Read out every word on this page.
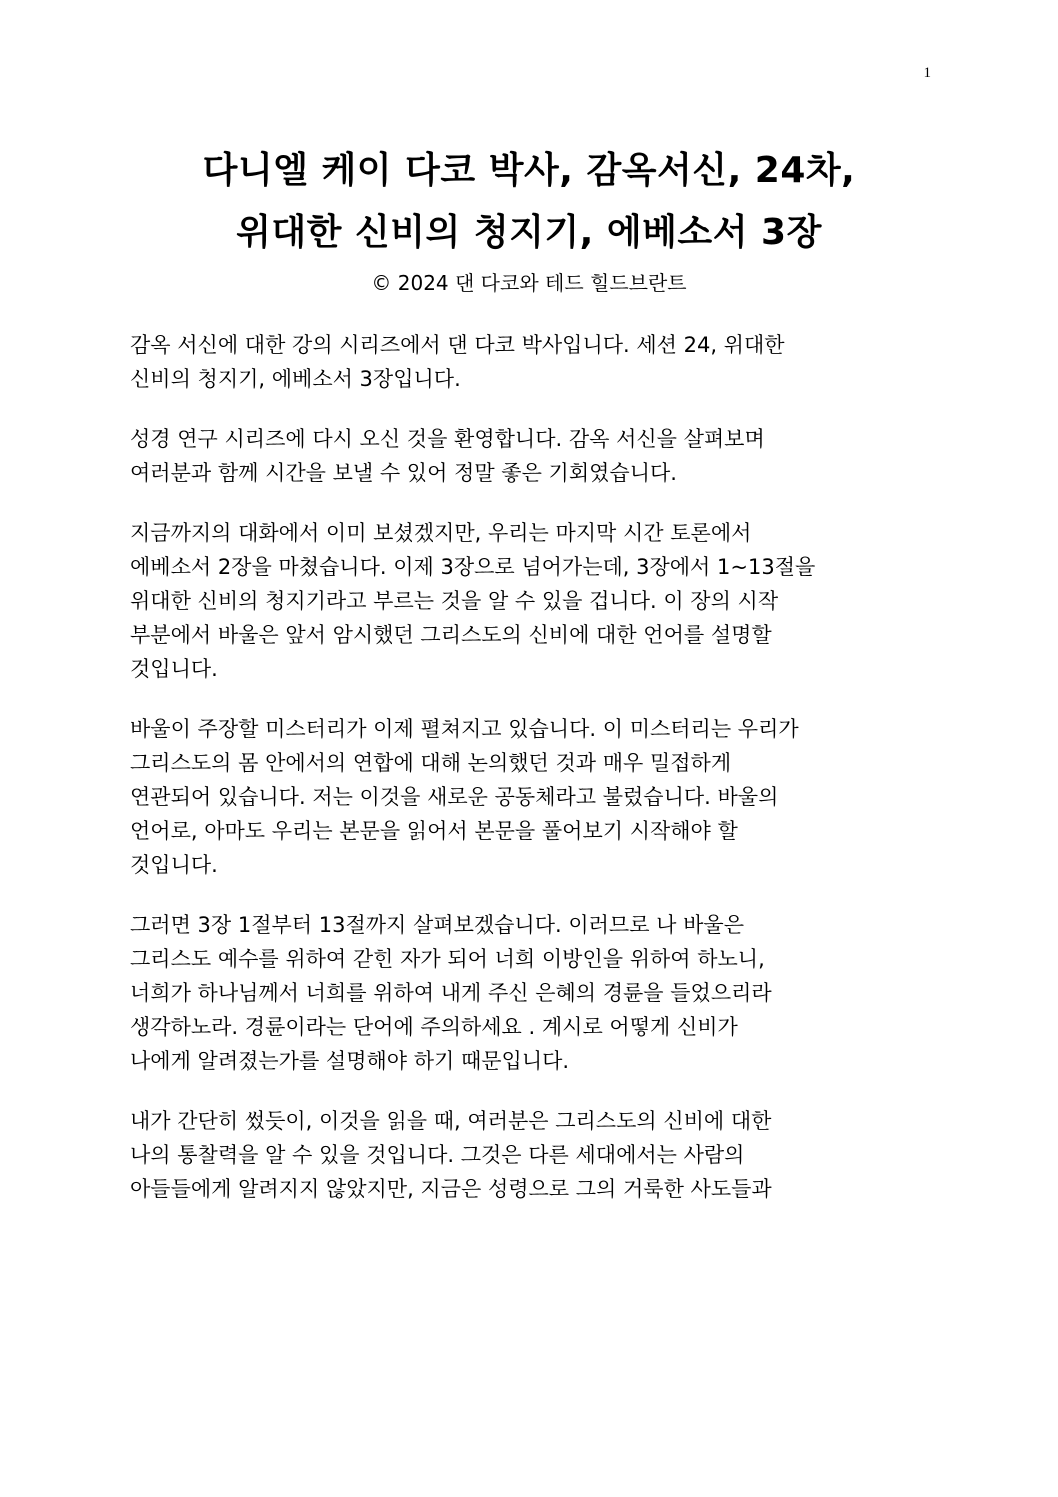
1
다니엘 케이 다코 박사, 감옥서신, 24차,
위대한 신비의 청지기, 에베소서 3장
© 2024 댄 다코와 테드 힐드브란트
감옥 서신에 대한 강의 시리즈에서 댄 다코 박사입니다. 세션 24, 위대한
신비의 청지기, 에베소서 3장입니다.
성경 연구 시리즈에 다시 오신 것을 환영합니다. 감옥 서신을 살펴보며
여러분과 함께 시간을 보낼 수 있어 정말 좋은 기회였습니다.
지금까지의 대화에서 이미 보셨겠지만, 우리는 마지막 시간 토론에서
에베소서 2장을 마쳤습니다. 이제 3장으로 넘어가는데, 3장에서 1~13절을
위대한 신비의 청지기라고 부르는 것을 알 수 있을 겁니다. 이 장의 시작
부분에서 바울은 앞서 암시했던 그리스도의 신비에 대한 언어를 설명할
것입니다.
바울이 주장할 미스터리가 이제 펼쳐지고 있습니다. 이 미스터리는 우리가
그리스도의 몸 안에서의 연합에 대해 논의했던 것과 매우 밀접하게
연관되어 있습니다. 저는 이것을 새로운 공동체라고 불렀습니다. 바울의
언어로, 아마도 우리는 본문을 읽어서 본문을 풀어보기 시작해야 할
것입니다.
그러면 3장 1절부터 13절까지 살펴보겠습니다. 이러므로 나 바울은
그리스도 예수를 위하여 갇힌 자가 되어 너희 이방인을 위하여 하노니,
너희가 하나님께서 너희를 위하여 내게 주신 은혜의 경륜을 들었으리라
생각하노라. 경륜이라는 단어에 주의하세요 . 계시로 어떻게 신비가
나에게 알려졌는가를 설명해야 하기 때문입니다.
내가 간단히 썼듯이, 이것을 읽을 때, 여러분은 그리스도의 신비에 대한
나의 통찰력을 알 수 있을 것입니다. 그것은 다른 세대에서는 사람의
아들들에게 알려지지 않았지만, 지금은 성령으로 그의 거룩한 사도들과
